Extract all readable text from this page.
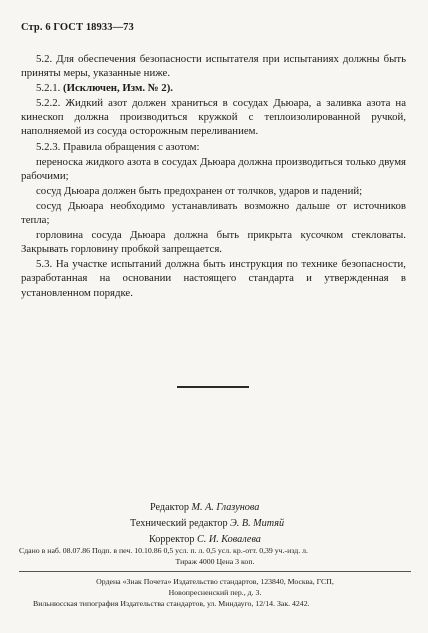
Стр. 6 ГОСТ 18933—73

5.2. Для обеспечения безопасности испытателя при испытаниях должны быть приняты меры, указанные ниже.

5.2.1. (Исключен, Изм. № 2).

5.2.2. Жидкий азот должен храниться в сосудах Дьюара, а заливка азота на кинескоп должна производиться кружкой с теплоизолированной ручкой, наполняемой из сосуда осторожным переливанием.

5.2.3. Правила обращения с азотом:

переноска жидкого азота в сосудах Дьюара должна производиться только двумя рабочими;

сосуд Дьюара должен быть предохранен от толчков, ударов и падений;

сосуд Дьюара необходимо устанавливать возможно дальше от источников тепла;

горловина сосуда Дьюара должна быть прикрыта кусочком стекловаты. Закрывать горловину пробкой запрещается.

5.3. На участке испытаний должна быть инструкция по технике безопасности, разработанная на основании настоящего стандарта и утвержденная в установленном порядке.

Редактор М. А. Глазунова
Технический редактор Э. В. Митяй
Корректор С. И. Ковалева
Сдано в наб. 08.07.86 Подп. в печ. 10.10.86 0,5 усл. п. л. 0,5 усл. кр.-отт. 0,39 уч.-изд. л.
Тираж 4000 Цена 3 коп.
Ордена «Знак Почета» Издательство стандартов, 123840, Москва, ГСП,
Новопресненский пер., д. 3.
Вильнюсская типография Издательства стандартов, ул. Миндауго, 12/14. Зак. 4242.
